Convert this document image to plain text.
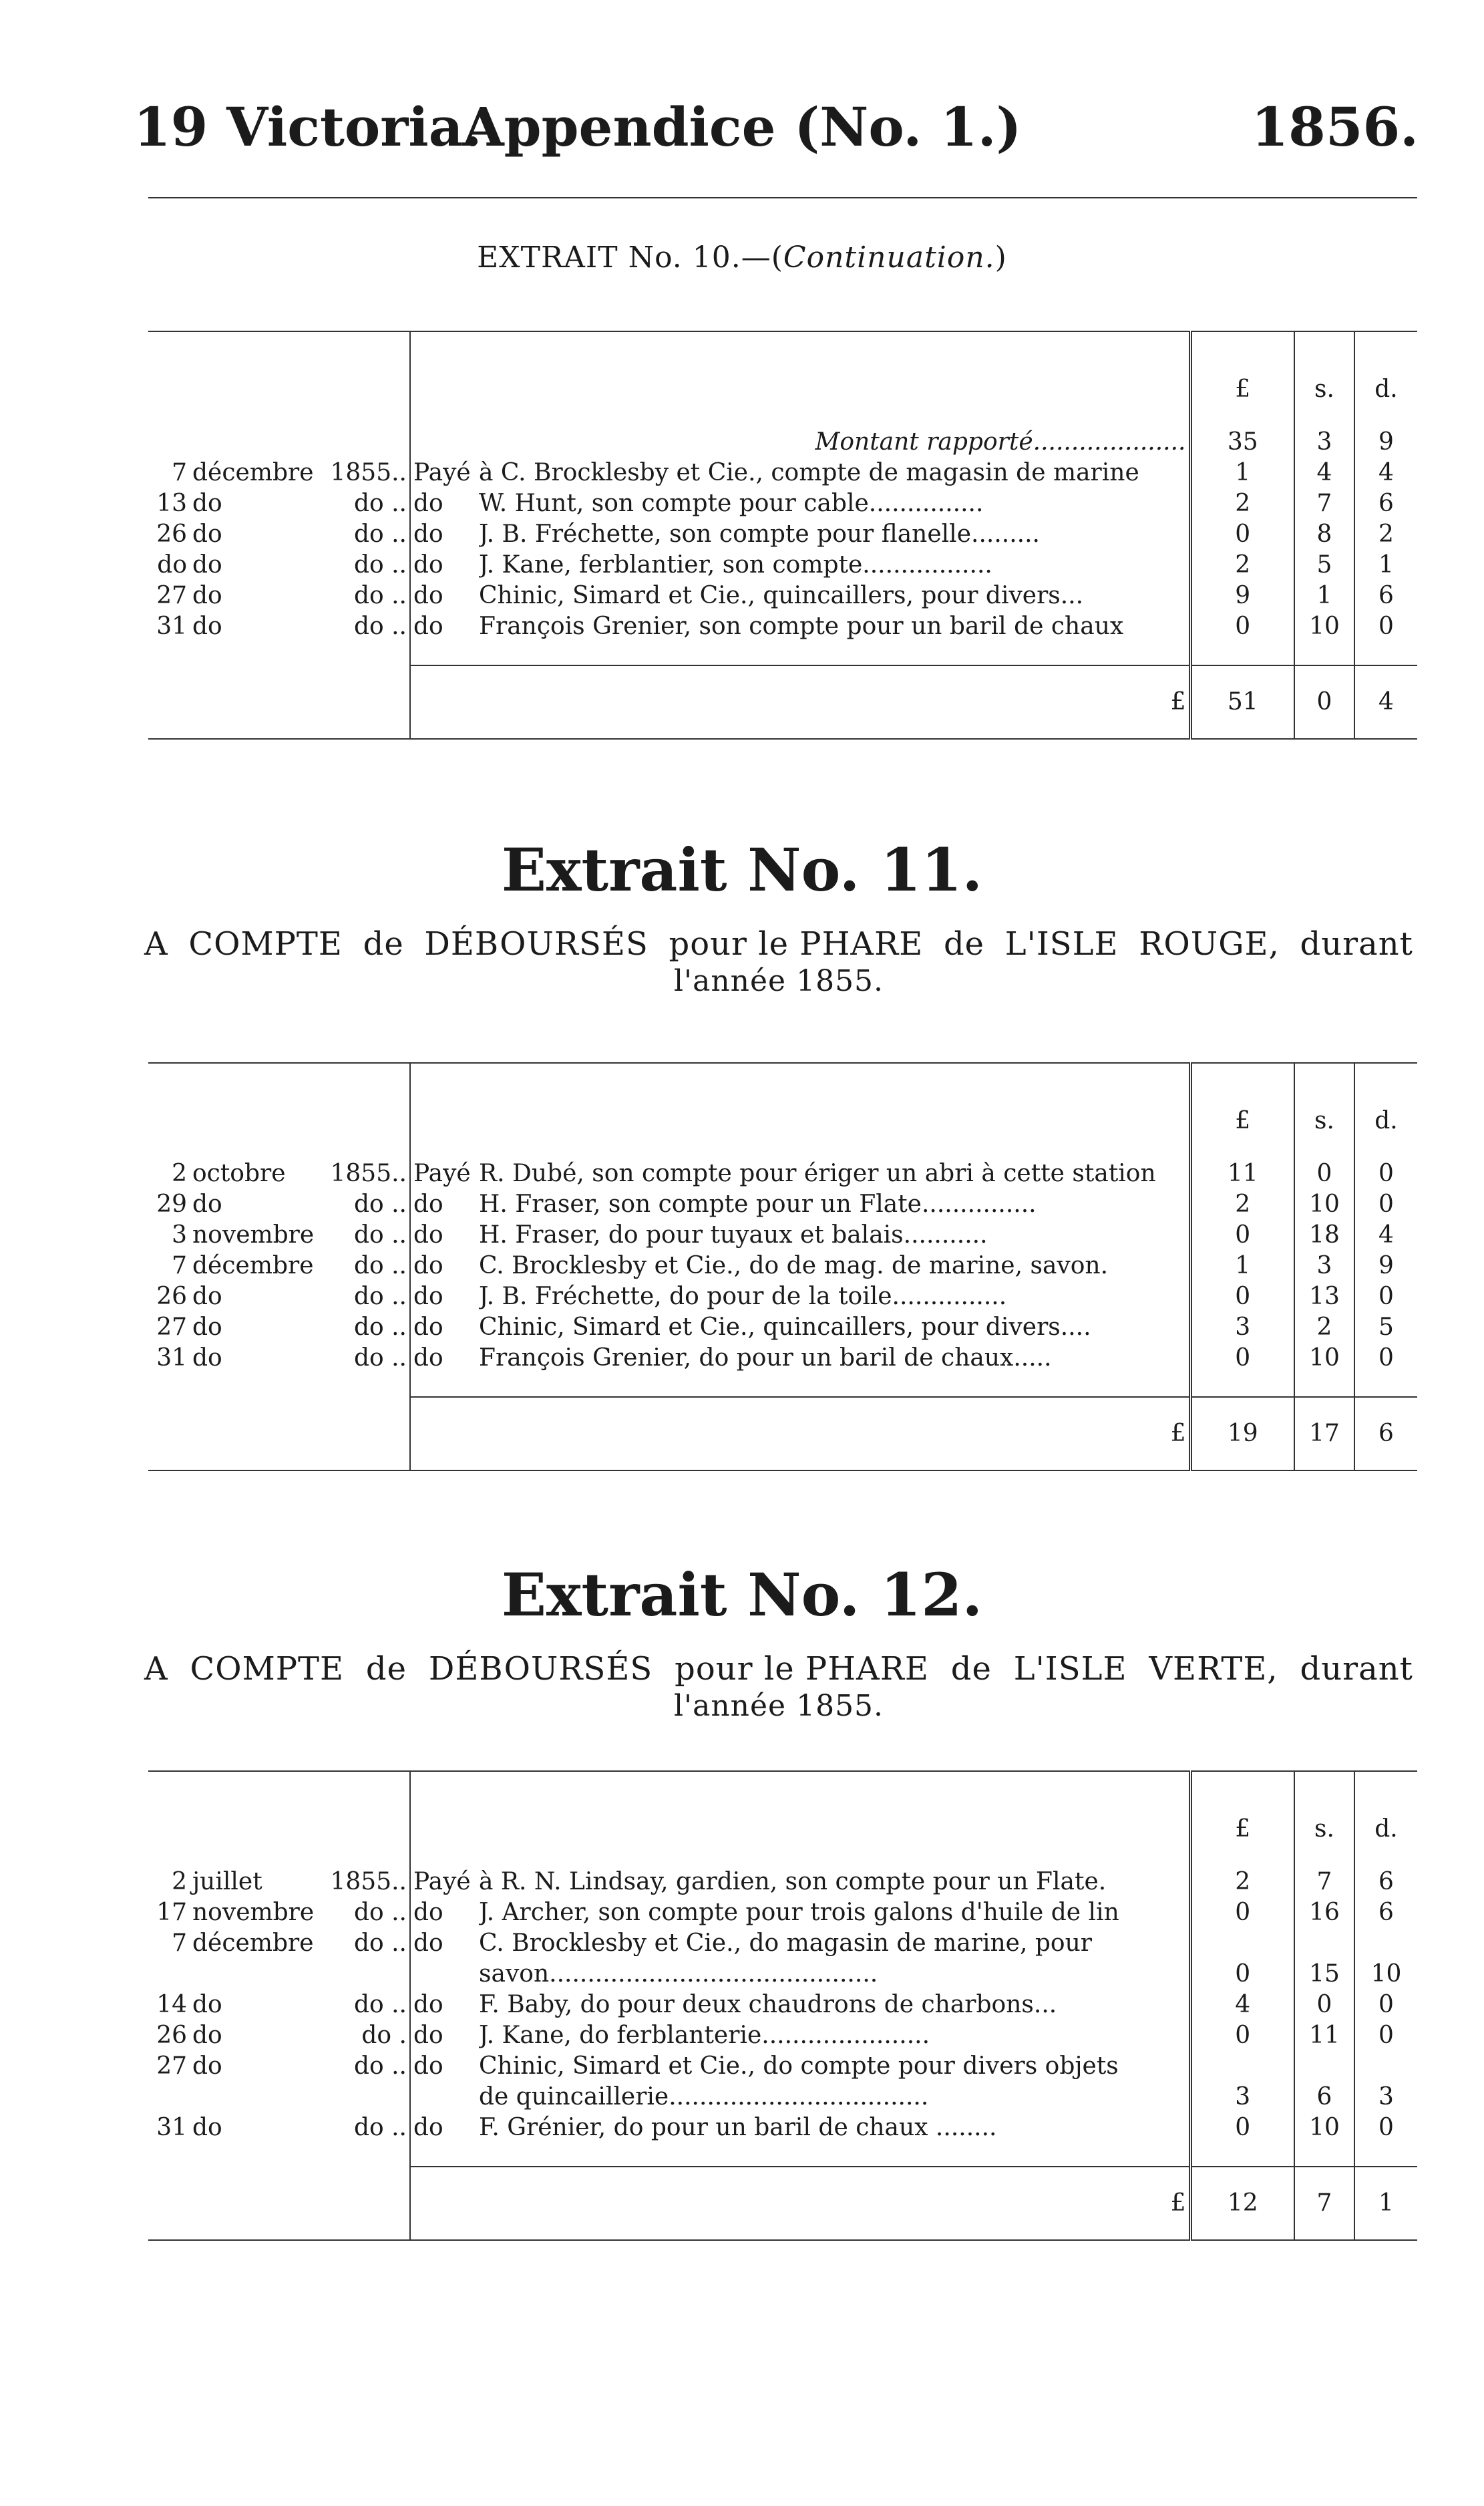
19 Victoria.
Appendice (No. 1.)	1856.
EXTRAIT No. 10.—(Continuation.)
				£	s.	d.
			Montant rapporté....................	35	3	9
7	décembre	1855..	Payé à C. Brocklesby et Cie., compte de magasin de marine	1	4	4
13	do	do ..	do W. Hunt, son compte pour cable...............	2	7	6
26	do	do ..	do J. B. Fréchette, son compte pour flanelle.........	0	8	2
do	do	do ..	do J. Kane, ferblantier, son compte.................	2	5	1
27	do	do ..	do Chinic, Simard et Cie., quincaillers, pour divers...	9	1	6
31	do	do ..	do François Grenier, son compte pour un baril de chaux	0	10	0

			£	51	0	4
Extrait No. 11.
A COMPTE de DÉBOURSÉS pour le PHARE de L'ISLE ROUGE, durant
l'année 1855.
				£	s.	d.
2	octobre	1855..	Payé R. Dubé, son compte pour ériger un abri à cette station	11	0	0
29	do	do ..	do H. Fraser, son compte pour un Flate...............	2	10	0
3	novembre	do ..	do H. Fraser, do pour tuyaux et balais...........	0	18	4
7	décembre	do ..	do C. Brocklesby et Cie., do de mag. de marine, savon.	1	3	9
26	do	do ..	do J. B. Fréchette, do pour de la toile...............	0	13	0
27	do	do ..	do Chinic, Simard et Cie., quincaillers, pour divers....	3	2	5
31	do	do ..	do François Grenier, do pour un baril de chaux.....	0	10	0

			£	19	17	6
Extrait No. 12.
A COMPTE de DÉBOURSÉS pour le PHARE de L'ISLE VERTE, durant
l'année 1855.
				£	s.	d.
2	juillet	1855..	Payé à R. N. Lindsay, gardien, son compte pour un Flate.	2	7	6
17	novembre	do ..	do J. Archer, son compte pour trois galons d'huile de lin	0	16	6
7	décembre	do ..	do C. Brocklesby et Cie., do magasin de marine, pour			

			savon...........................................	0	15	10
14	do	do ..	do F. Baby, do pour deux chaudrons de charbons...	4	0	0
26	do	do .	do J. Kane, do ferblanterie......................	0	11	0
27	do	do ..	do Chinic, Simard et Cie., do compte pour divers objets			

			de quincaillerie..................................	3	6	3
31	do	do ..	do F. Grénier, do pour un baril de chaux ........	0	10	0

			£	12	7	1
